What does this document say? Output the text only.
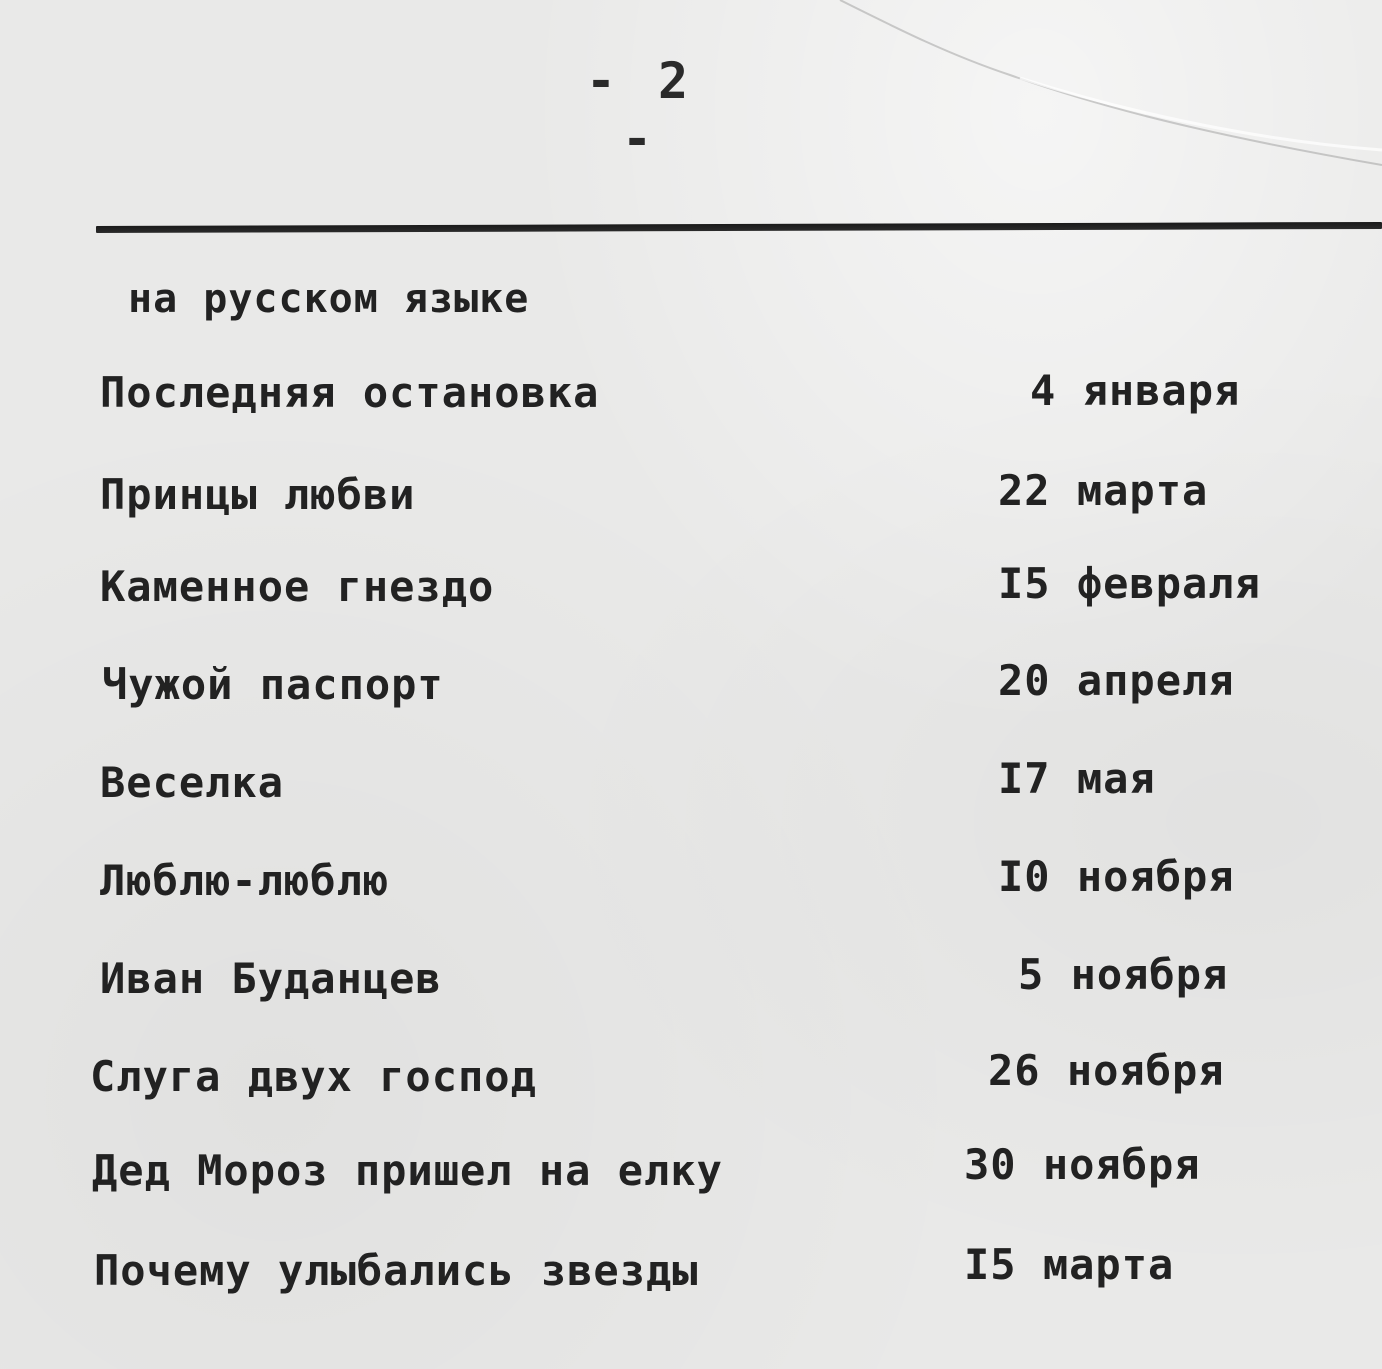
- 2 -
на русском языке
Последняя остановка	4 января
Принцы любви	22 марта
Каменное гнездо	I5 февраля
Чужой паспорт	20 апреля
Веселка	I7 мая
Люблю-люблю	I0 ноября
Иван Буданцев	5 ноября
Слуга двух господ	26 ноября
Дед Мороз пришел на елку	30 ноября
Почему улыбались звезды	I5 марта
